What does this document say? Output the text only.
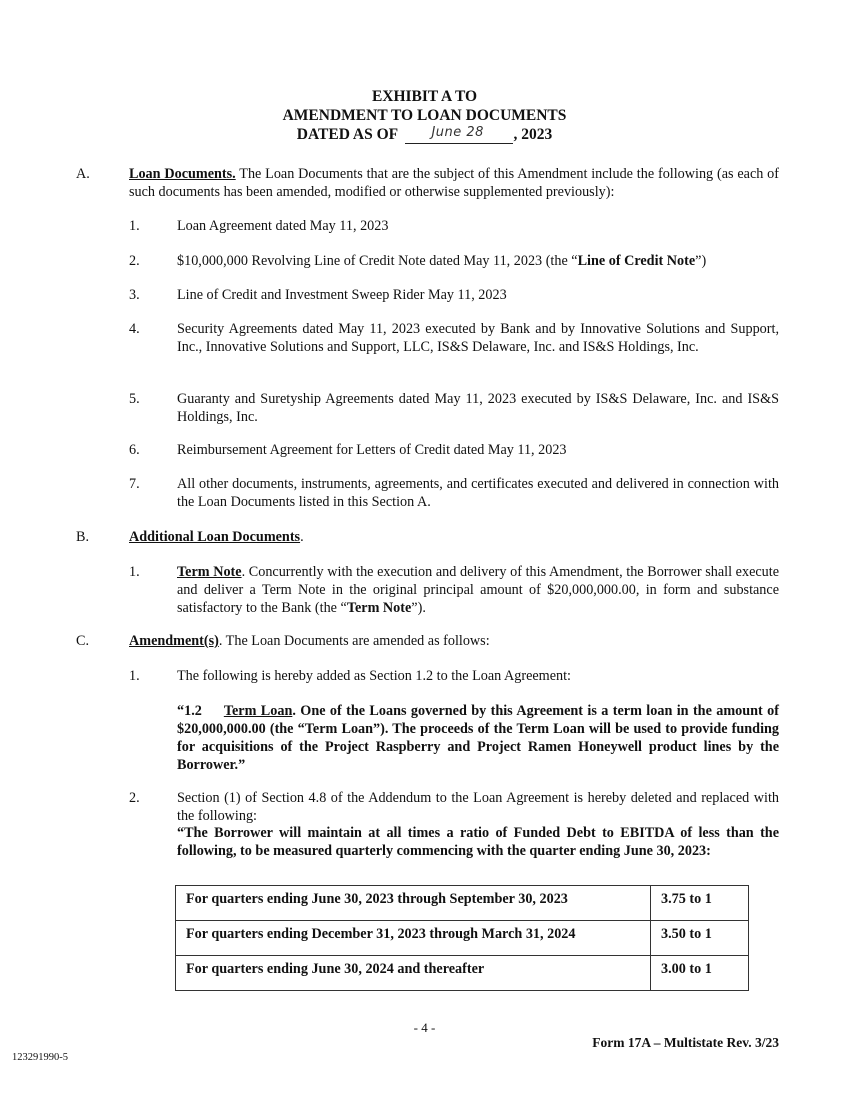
EXHIBIT A TO
AMENDMENT TO LOAN DOCUMENTS
DATED AS OF	June 28 , 2023
A.	Loan Documents. The Loan Documents that are the subject of this Amendment include the following (as each of such documents has been amended, modified or otherwise supplemented previously):
1.	Loan Agreement dated May 11, 2023
2.	$10,000,000 Revolving Line of Credit Note dated May 11, 2023 (the “Line of Credit Note”)
3.	Line of Credit and Investment Sweep Rider May 11, 2023
4.	Security Agreements dated May 11, 2023 executed by Bank and by Innovative Solutions and Support, Inc., Innovative Solutions and Support, LLC, IS&S Delaware, Inc. and IS&S Holdings, Inc.
5.	Guaranty and Suretyship Agreements dated May 11, 2023 executed by IS&S Delaware, Inc. and IS&S Holdings, Inc.
6.	Reimbursement Agreement for Letters of Credit dated May 11, 2023
7.	All other documents, instruments, agreements, and certificates executed and delivered in connection with the Loan Documents listed in this Section A.
B.	Additional Loan Documents.
1.	Term Note. Concurrently with the execution and delivery of this Amendment, the Borrower shall execute and deliver a Term Note in the original principal amount of $20,000,000.00, in form and substance satisfactory to the Bank (the “Term Note”).
C.	Amendment(s). The Loan Documents are amended as follows:
1.	The following is hereby added as Section 1.2 to the Loan Agreement:
“1.2 Term Loan. One of the Loans governed by this Agreement is a term loan in the amount of $20,000,000.00 (the “Term Loan”). The proceeds of the Term Loan will be used to provide funding for acquisitions of the Project Raspberry and Project Ramen Honeywell product lines by the Borrower.”
2.	Section (1) of Section 4.8 of the Addendum to the Loan Agreement is hereby deleted and replaced with the following:
“The Borrower will maintain at all times a ratio of Funded Debt to EBITDA of less than the following, to be measured quarterly commencing with the quarter ending June 30, 2023:
For quarters ending June 30, 2023 through September 30, 2023	3.75 to 1
For quarters ending December 31, 2023 through March 31, 2024	3.50 to 1
For quarters ending June 30, 2024 and thereafter	3.00 to 1
- 4 -
Form 17A – Multistate Rev. 3/23
123291990-5
